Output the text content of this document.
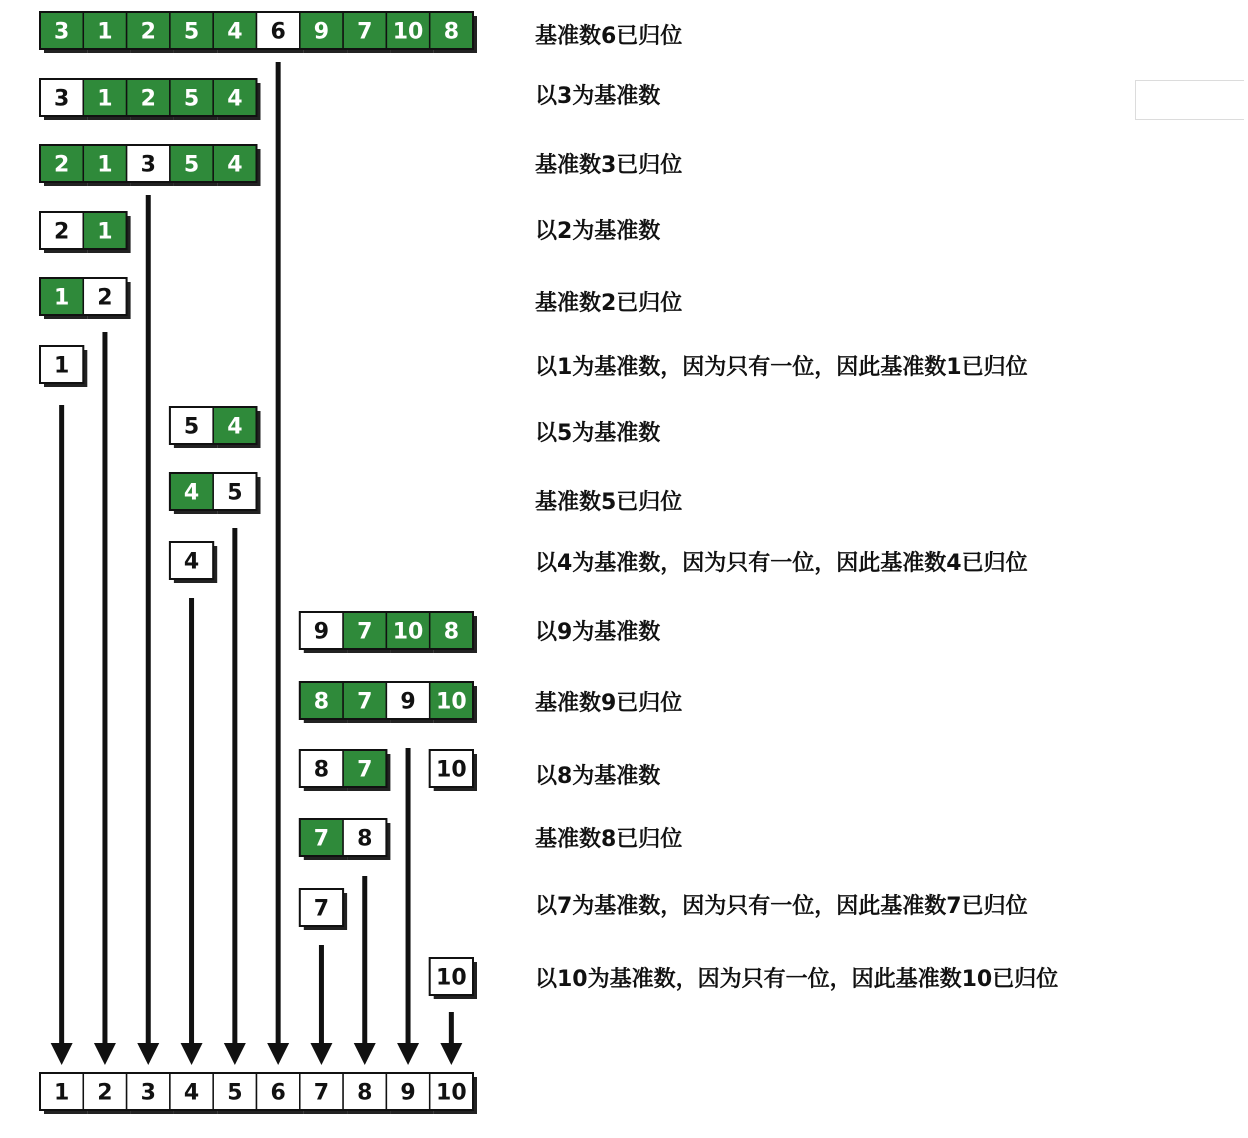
3 1 2 5 4 6 9 7 10 8
3 1 2 5 4
2 1 3 5 4
2 1
1 2
1
5 4
4 5
4
9 7 10 8
8 7 9 10
8 7	10
7 8
7
10
1 2 3 4 5 6 7 8 9 10
基准数6已归位
以3为基准数
基准数3已归位
以2为基准数
基准数2已归位
以1为基准数，因为只有一位，因此基准数1已归位
以5为基准数
基准数5已归位
以4为基准数，因为只有一位，因此基准数4已归位
以9为基准数
基准数9已归位
以8为基准数
基准数8已归位
以7为基准数，因为只有一位，因此基准数7已归位
以10为基准数，因为只有一位，因此基准数10已归位
